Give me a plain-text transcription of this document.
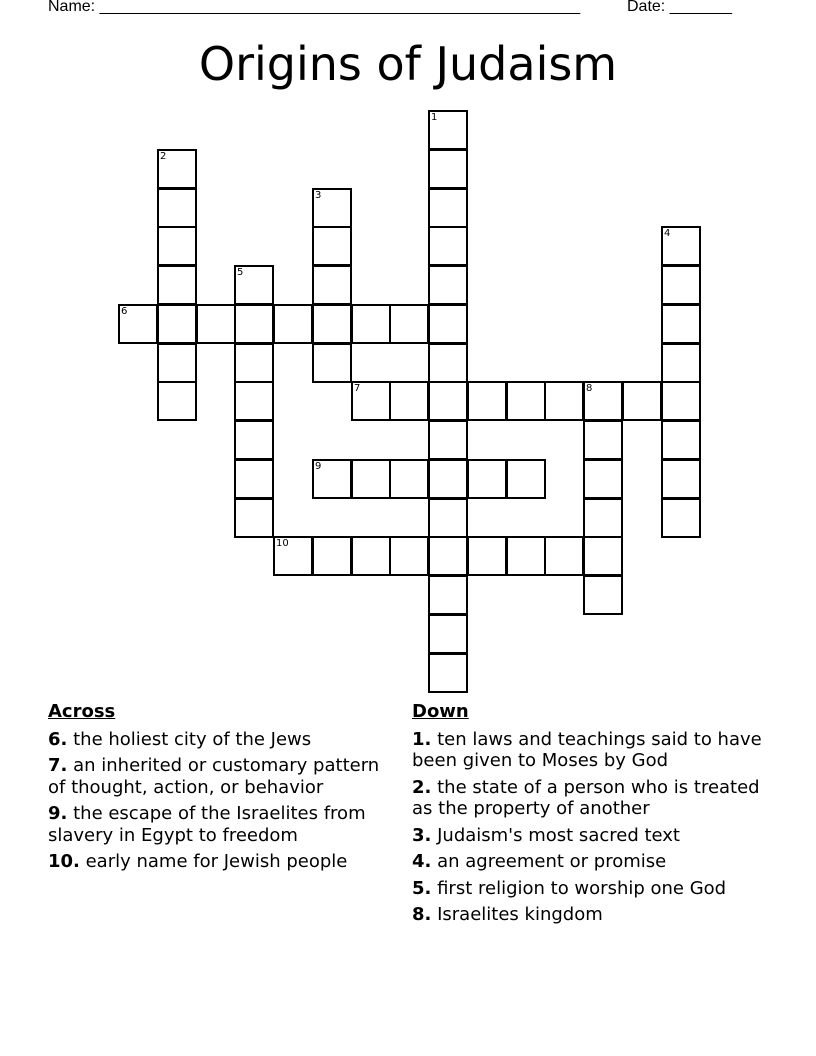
Name: ______________________________________________________	Date: _______
Origins of Judaism
1
2
3
4
5
6
7	8
9
10
Across
6. the holiest city of the Jews
7. an inherited or customary pattern of thought, action, or behavior
9. the escape of the Israelites from slavery in Egypt to freedom
10. early name for Jewish people
Down
1. ten laws and teachings said to have been given to Moses by God
2. the state of a person who is treated as the property of another
3. Judaism's most sacred text
4. an agreement or promise
5. first religion to worship one God
8. Israelites kingdom
